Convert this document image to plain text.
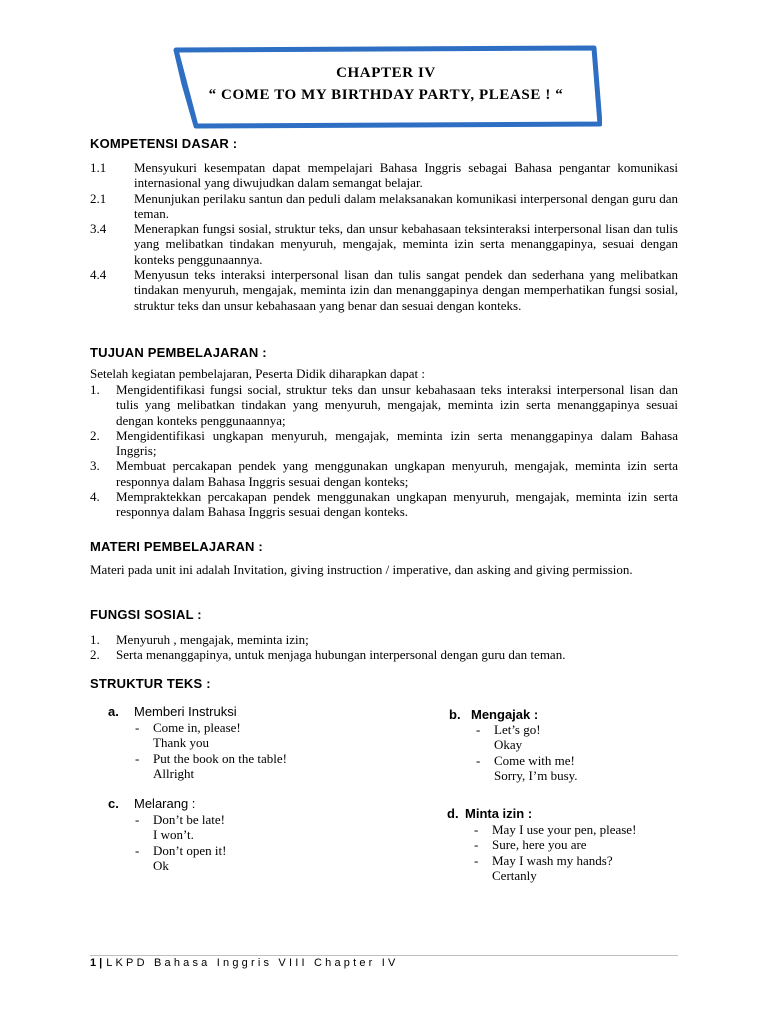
CHAPTER IV
“ COME TO MY BIRTHDAY PARTY, PLEASE ! “
KOMPETENSI DASAR :
1.1 Mensyukuri kesempatan dapat mempelajari Bahasa Inggris sebagai Bahasa pengantar komunikasi internasional yang diwujudkan dalam semangat belajar.
2.1 Menunjukan perilaku santun dan peduli dalam melaksanakan komunikasi interpersonal dengan guru dan teman.
3.4 Menerapkan fungsi sosial, struktur teks, dan unsur kebahasaan teksinteraksi interpersonal lisan dan tulis yang melibatkan tindakan menyuruh, mengajak, meminta izin serta menanggapinya, sesuai dengan konteks penggunaannya.
4.4 Menyusun teks interaksi interpersonal lisan dan tulis sangat pendek dan sederhana yang melibatkan tindakan menyuruh, mengajak, meminta izin dan menanggapinya dengan memperhatikan fungsi sosial, struktur teks dan unsur kebahasaan yang benar dan sesuai dengan konteks.
TUJUAN PEMBELAJARAN :

Setelah kegiatan pembelajaran, Peserta Didik diharapkan dapat :

1. Mengidentifikasi fungsi social, struktur teks dan unsur kebahasaan teks interaksi interpersonal lisan dan tulis yang melibatkan tindakan yang menyuruh, mengajak, meminta izin serta menanggapinya sesuai dengan konteks penggunaannya;
2. Mengidentifikasi ungkapan menyuruh, mengajak, meminta izin serta menanggapinya dalam Bahasa Inggris;
3. Membuat percakapan pendek yang menggunakan ungkapan menyuruh, mengajak, meminta izin serta responnya dalam Bahasa Inggris sesuai dengan konteks;
4. Mempraktekkan percakapan pendek menggunakan ungkapan menyuruh, mengajak, meminta izin serta responnya dalam Bahasa Inggris sesuai dengan konteks.
MATERI PEMBELAJARAN :

Materi pada unit ini adalah Invitation, giving instruction / imperative, dan asking and giving permission.

FUNGSI SOSIAL :
1. Menyuruh , mengajak, meminta izin;
2. Serta menanggapinya, untuk menjaga hubungan interpersonal dengan guru dan teman.
STRUKTUR TEKS :
a. Memberi Instruksi
- Come in, please!
Thank you
- Put the book on the table!
Allright
b. Mengajak :
- Let’s go!
Okay
- Come with me!
Sorry, I’m busy.
c. Melarang :
- Don’t be late!
I won’t.
- Don’t open it!
Ok
d. Minta izin :
- May I use your pen, please!
- Sure, here you are
- May I wash my hands?
Certanly
1 | LKPD Bahasa Inggris VIII Chapter IV
